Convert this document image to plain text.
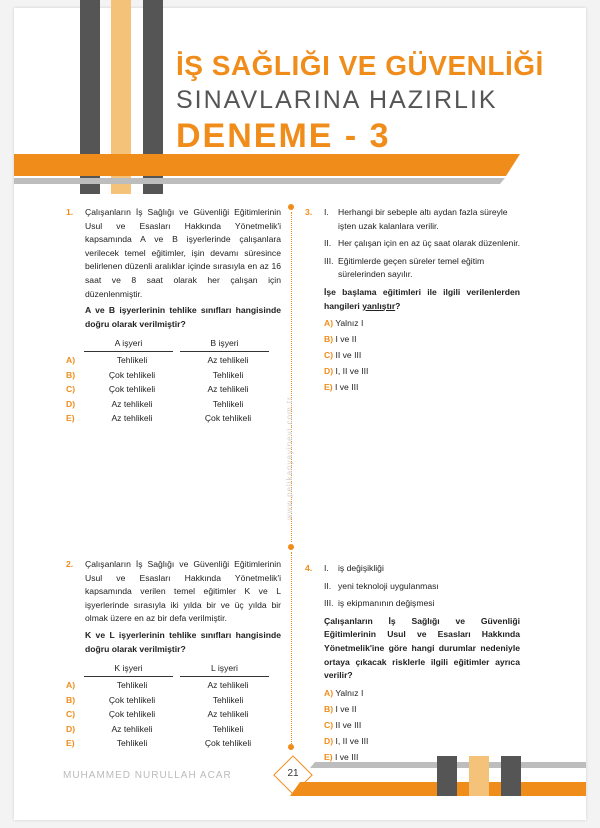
İŞ SAĞLIĞI VE GÜVENLİĞİ
SINAVLARINA HAZIRLIK
DENEME - 3
www.pelikanyayinevi.com.tr
1. Çalışanların İş Sağlığı ve Güvenliği Eğitimlerinin Usul ve Esasları Hakkında Yönetmelik'i kapsamında A ve B işyerlerinde çalışanlara verilecek temel eğitimler, işin devamı süresince belirlenen düzenli aralıklar içinde sırasıyla en az 16 saat ve 8 saat olarak her çalışan için düzenlenmiştir.
A ve B işyerlerinin tehlike sınıfları hangisinde doğru olarak verilmiştir?
A işyeri	B işyeri
A)	Tehlikeli	Az tehlikeli
B)	Çok tehlikeli	Tehlikeli
C)	Çok tehlikeli	Az tehlikeli
D)	Az tehlikeli	Tehlikeli
E)	Az tehlikeli	Çok tehlikeli
2. Çalışanların İş Sağlığı ve Güvenliği Eğitimlerinin Usul ve Esasları Hakkında Yönetmelik'i kapsamında verilen temel eğitimler K ve L işyerlerinde sırasıyla iki yılda bir ve üç yılda bir olmak üzere en az bir defa verilmiştir.
K ve L işyerlerinin tehlike sınıfları hangisinde doğru olarak verilmiştir?
K işyeri	L işyeri
A)	Tehlikeli	Az tehlikeli
B)	Çok tehlikeli	Tehlikeli
C)	Çok tehlikeli	Az tehlikeli
D)	Az tehlikeli	Tehlikeli
E)	Tehlikeli	Çok tehlikeli
3. I.	Herhangi bir sebeple altı aydan fazla süreyle işten uzak kalanlara verilir.
II. Her çalışan için en az üç saat olarak düzenlenir.
III. Eğitimlerde geçen süreler temel eğitim sürelerinden sayılır.
İşe başlama eğitimleri ile ilgili verilenlerden hangileri yanlıştır?
A) Yalnız I
B) I ve II
C) II ve III
D) I, II ve III
E) I ve III
4. I.	iş değişikliği
II. yeni teknoloji uygulanması
III. iş ekipmanının değişmesi
Çalışanların İş Sağlığı ve Güvenliği Eğitimlerinin Usul ve Esasları Hakkında Yönetmelik'ine göre hangi durumlar nedeniyle ortaya çıkacak risklerle ilgili eğitimler ayrıca verilir?
A) Yalnız I
B) I ve II
C) II ve III
D) I, II ve III
E) I ve III
MUHAMMED NURULLAH ACAR	21
